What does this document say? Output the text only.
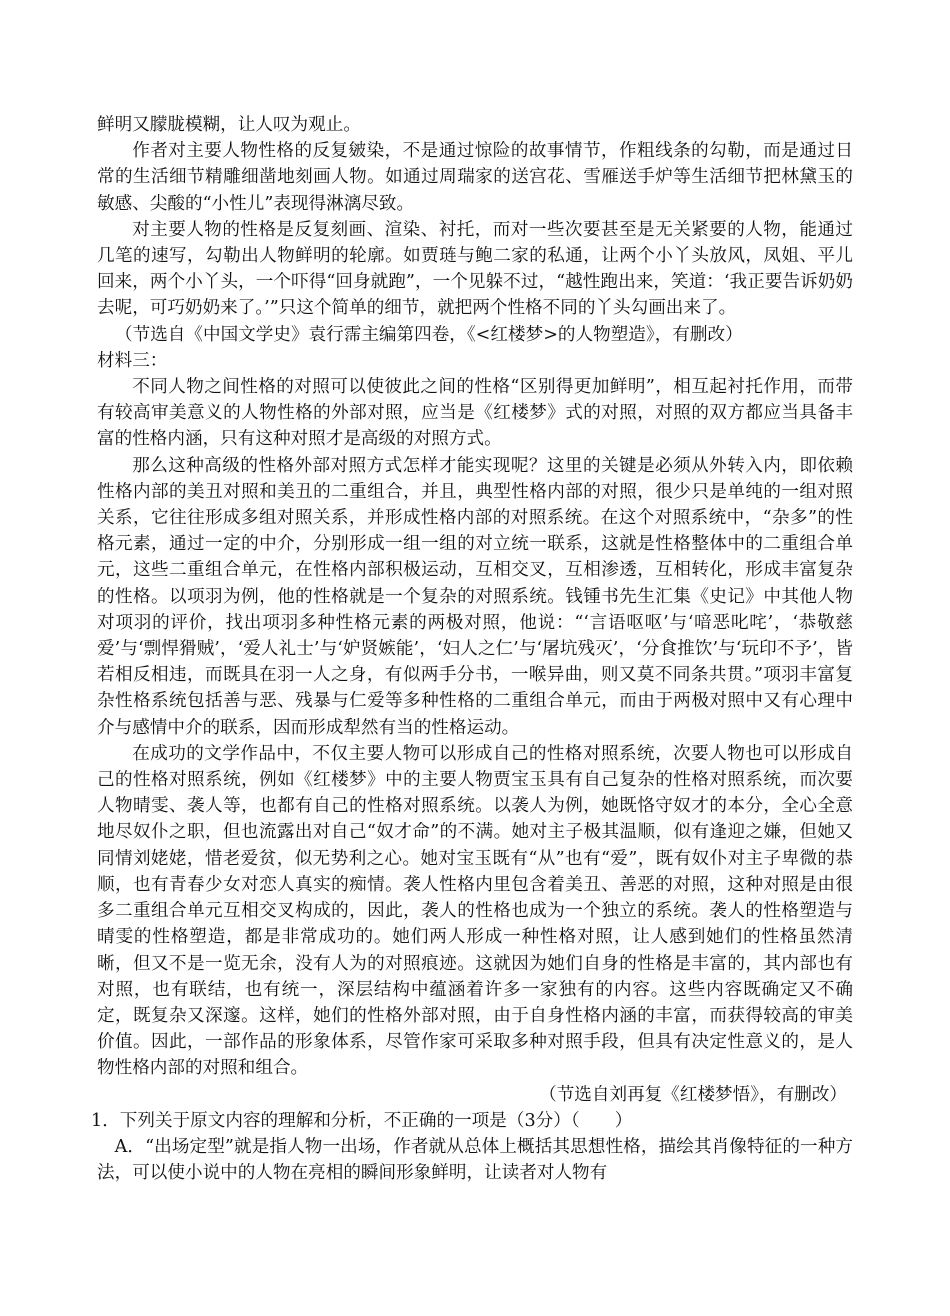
鲜明又朦胧模糊，让人叹为观止。

作者对主要人物性格的反复皴染，不是通过惊险的故事情节，作粗线条的勾勒，而是通过日常的生活细节精雕细凿地刻画人物。如通过周瑞家的送宫花、雪雁送手炉等生活细节把林黛玉的敏感、尖酸的“小性儿”表现得淋漓尽致。

对主要人物的性格是反复刻画、渲染、衬托，而对一些次要甚至是无关紧要的人物，能通过几笔的速写，勾勒出人物鲜明的轮廓。如贾琏与鲍二家的私通，让两个小丫头放风，凤姐、平儿回来，两个小丫头，一个吓得“回身就跑”，一个见躲不过，“越性跑出来，笑道：‘我正要告诉奶奶去呢，可巧奶奶来了。’”只这个简单的细节，就把两个性格不同的丫头勾画出来了。

（节选自《中国文学史》袁行霈主编第四卷，《<红楼梦>的人物塑造》，有删改）

材料三：

不同人物之间性格的对照可以使彼此之间的性格“区别得更加鲜明”，相互起衬托作用，而带有较高审美意义的人物性格的外部对照，应当是《红楼梦》式的对照，对照的双方都应当具备丰富的性格内涵，只有这种对照才是高级的对照方式。

那么这种高级的性格外部对照方式怎样才能实现呢？这里的关键是必须从外转入内，即依赖性格内部的美丑对照和美丑的二重组合，并且，典型性格内部的对照，很少只是单纯的一组对照关系，它往往形成多组对照关系，并形成性格内部的对照系统。在这个对照系统中，“杂多”的性格元素，通过一定的中介，分别形成一组一组的对立统一联系，这就是性格整体中的二重组合单元，这些二重组合单元，在性格内部积极运动，互相交叉，互相渗透，互相转化，形成丰富复杂的性格。以项羽为例，他的性格就是一个复杂的对照系统。钱锺书先生汇集《史记》中其他人物对项羽的评价，找出项羽多种性格元素的两极对照，他说：“‘言语呕呕’与‘喑恶叱咤’，‘恭敬慈爱’与‘剽悍猾贼’，‘爱人礼士’与‘妒贤嫉能’，‘妇人之仁’与‘屠坑残灭’，‘分食推饮’与‘玩印不予’，皆若相反相违，而既具在羽一人之身，有似两手分书，一喉异曲，则又莫不同条共贯。”项羽丰富复杂性格系统包括善与恶、残暴与仁爱等多种性格的二重组合单元，而由于两极对照中又有心理中介与感情中介的联系，因而形成犁然有当的性格运动。

在成功的文学作品中，不仅主要人物可以形成自己的性格对照系统，次要人物也可以形成自己的性格对照系统，例如《红楼梦》中的主要人物贾宝玉具有自己复杂的性格对照系统，而次要人物晴雯、袭人等，也都有自己的性格对照系统。以袭人为例，她既恪守奴才的本分，全心全意地尽奴仆之职，但也流露出对自己“奴才命”的不满。她对主子极其温顺，似有逢迎之嫌，但她又同情刘姥姥，惜老爱贫，似无势利之心。她对宝玉既有“从”也有“爱”，既有奴仆对主子卑微的恭顺，也有青春少女对恋人真实的痴情。袭人性格内里包含着美丑、善恶的对照，这种对照是由很多二重组合单元互相交叉构成的，因此，袭人的性格也成为一个独立的系统。袭人的性格塑造与晴雯的性格塑造，都是非常成功的。她们两人形成一种性格对照，让人感到她们的性格虽然清晰，但又不是一览无余，没有人为的对照痕迹。这就因为她们自身的性格是丰富的，其内部也有对照，也有联结，也有统一，深层结构中蕴涵着许多一家独有的内容。这些内容既确定又不确定，既复杂又深邃。这样，她们的性格外部对照，由于自身性格内涵的丰富，而获得较高的审美价值。因此，一部作品的形象体系，尽管作家可采取多种对照手段，但具有决定性意义的，是人物性格内部的对照和组合。

（节选自刘再复《红楼梦悟》，有删改）

1．下列关于原文内容的理解和分析，不正确的一项是（3分）（　　）

A．“出场定型”就是指人物一出场，作者就从总体上概括其思想性格，描绘其肖像特征的一种方法，可以使小说中的人物在亮相的瞬间形象鲜明，让读者对人物有
